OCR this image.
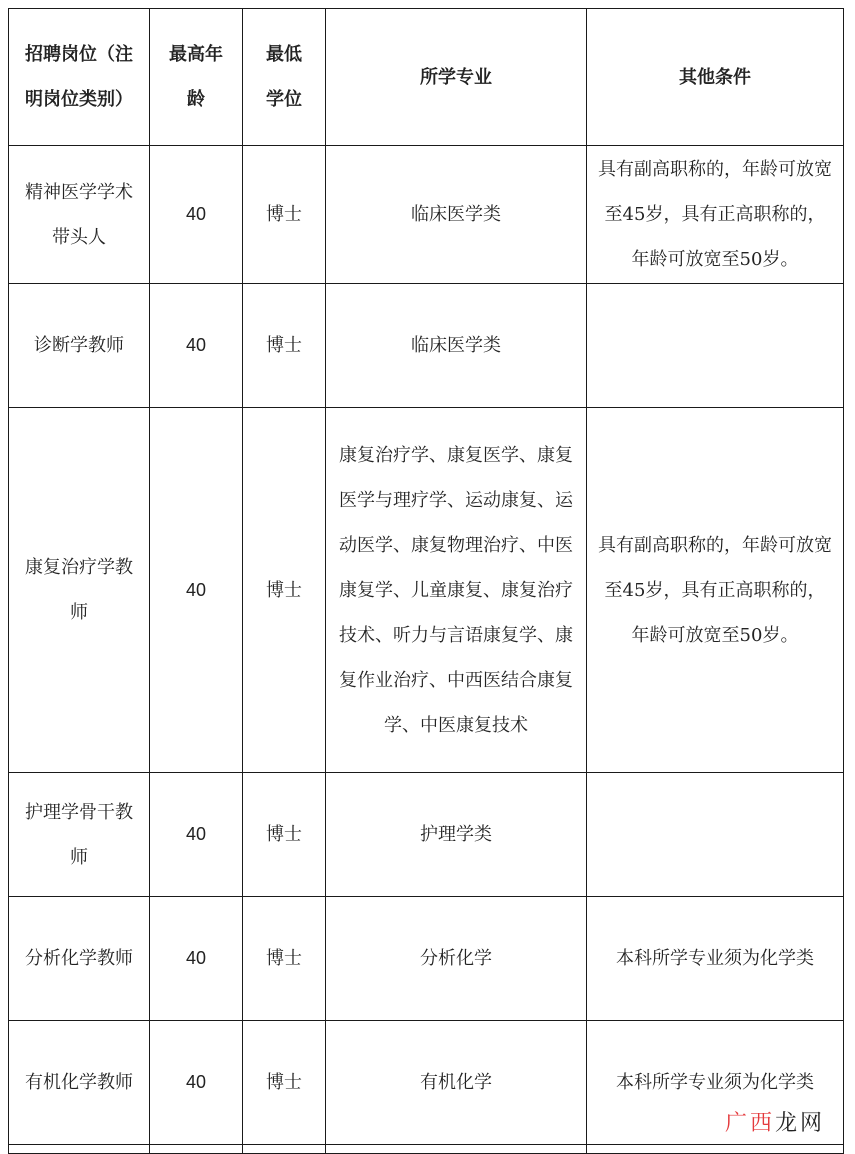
招聘岗位（注明岗位类别）	最高年龄	最低学位	所学专业	其他条件

精神医学学术带头人	40	博士	临床医学类	具有副高职称的，年龄可放宽至45岁，具有正高职称的，年龄可放宽至50岁。

诊断学教师	40	博士	临床医学类	

康复治疗学教师	40	博士	康复治疗学、康复医学、康复医学与理疗学、运动康复、运动医学、康复物理治疗、中医康复学、儿童康复、康复治疗技术、听力与言语康复学、康复作业治疗、中西医结合康复学、中医康复技术	具有副高职称的，年龄可放宽至45岁，具有正高职称的，年龄可放宽至50岁。

护理学骨干教师	40	博士	护理学类	

分析化学教师	40	博士	分析化学	本科所学专业须为化学类

有机化学教师	40	博士	有机化学	本科所学专业须为化学类

广 西 龙 网
